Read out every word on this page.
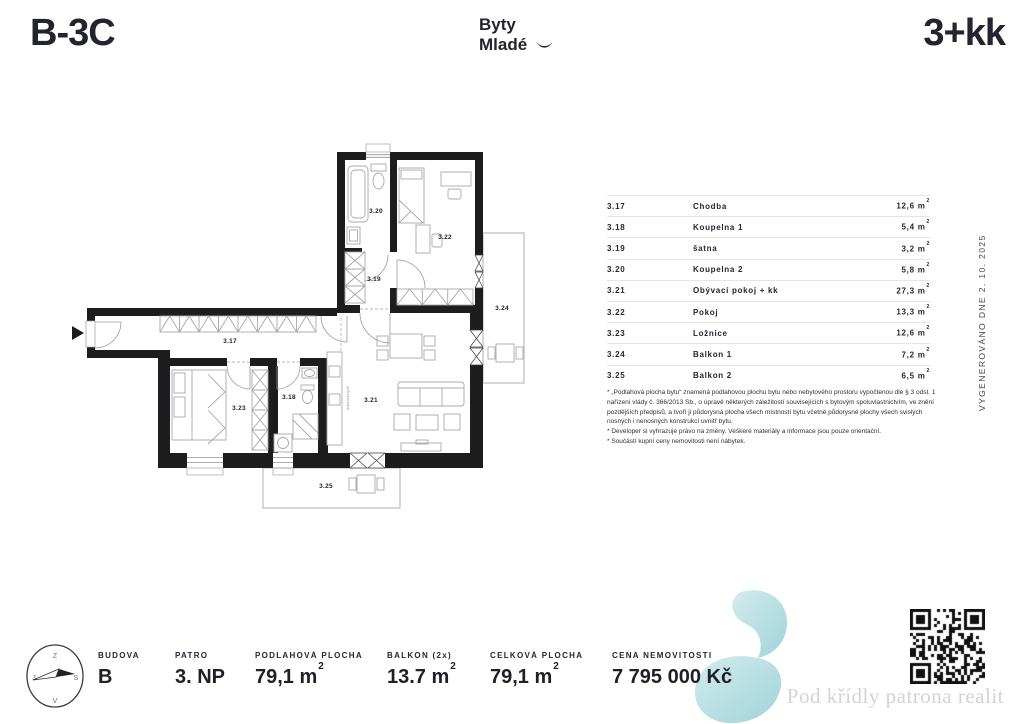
B-3C	Byty
Mladé	3+kk
3.17
3.18
3.19
3.20
3.21
3.22
3.23
3.24
3.25
linka kuchyně
3.17	Chodba	12,6 $m^2$
3.18	Koupelna 1	5,4 $m^2$
3.19	šatna	3,2 $m^2$
3.20	Koupelna 2	5,8 $m^2$
3.21	Obývací pokoj + kk	27,3 $m^2$
3.22	Pokoj	13,3 $m^2$
3.23	Ložnice	12,6 $m^2$
3.24	Balkon 1	7,2 $m^2$
3.25	Balkon 2	6,5 $m^2$

* „Podlahová plocha bytu“ znamená podlahovou plochu bytu nebo nebytového prostoru vypočtenou dle § 3 odst. 1 nařízení vlády č. 366/2013 Sb., o úpravě některých záležitostí souvisejících s bytovým spoluvlastnictvím, ve znění pozdějších předpisů, a tvoří ji půdorysná plocha všech místností bytu včetně půdorysné plochy všech svislých nosných i nenosných konstrukcí uvnitř bytu.

* Developer si vyhrazuje právo na změny. Veškeré materiály a informace jsou pouze orientační.

* Součástí kupní ceny nemovitosti není nábytek.

VYGENEROVÁNO DNE 2. 10. 2025
Z
S
V
J
BUDOVA
B
PATRO
3. NP
PODLAHOVÁ PLOCHA
79,1 $m^2$
BALKON (2x)
13.7 $m^2$
CELKOVÁ PLOCHA
79,1 $m^2$
CENA NEMOVITOSTI
7 795 000 Kč
Pod křídly patrona realit
